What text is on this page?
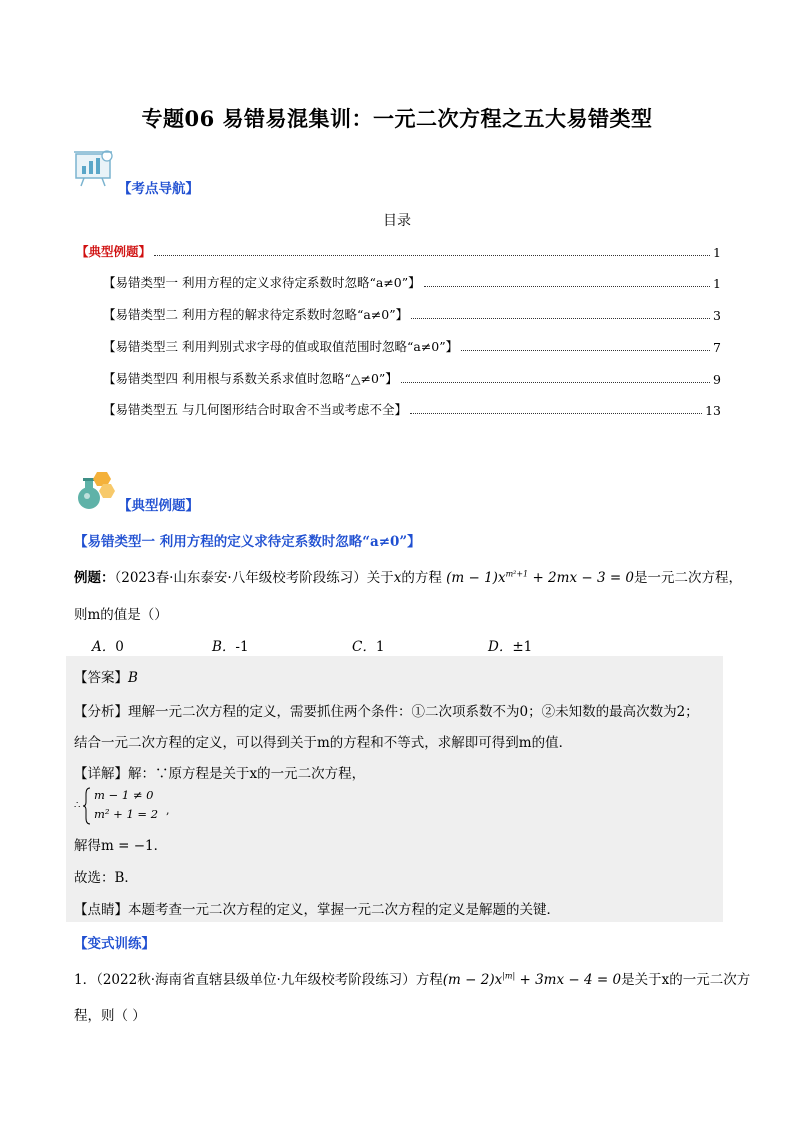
专题06 易错易混集训：一元二次方程之五大易错类型
【考点导航】
目录
【典型例题】	1
【易错类型一 利用方程的定义求待定系数时忽略“a≠0”】	1
【易错类型二 利用方程的解求待定系数时忽略“a≠0”】	3
【易错类型三 利用判别式求字母的值或取值范围时忽略“a≠0”】	7
【易错类型四 利用根与系数关系求值时忽略“△≠0”】	9
【易错类型五 与几何图形结合时取舍不当或考虑不全】	13
【典型例题】
【易错类型一 利用方程的定义求待定系数时忽略“a≠0”】
例题：（2023春·山东泰安·八年级校考阶段练习）关于x的方程 $(m - 1)x^{m^2+1} + 2mx - 3 = 0$是一元二次方程，
则m的值是（）
A．0	B．-1	C．1	D．±1
【答案】B
【分析】理解一元二次方程的定义，需要抓住两个条件：①二次项系数不为0；②未知数的最高次数为2；
结合一元二次方程的定义，可以得到关于m的方程和不等式，求解即可得到m的值．
【详解】解：∵原方程是关于x的一元二次方程，
∴
m − 1 ≠ 0
m² + 1 = 2 ,
解得m = −1．
故选：B．
【点睛】本题考查一元二次方程的定义，掌握一元二次方程的定义是解题的关键．
【变式训练】
1．（2022秋·海南省直辖县级单位·九年级校考阶段练习）方程$(m - 2)x^{|m|} + 3mx - 4 = 0$是关于x的一元二次方
程，则（ ）
